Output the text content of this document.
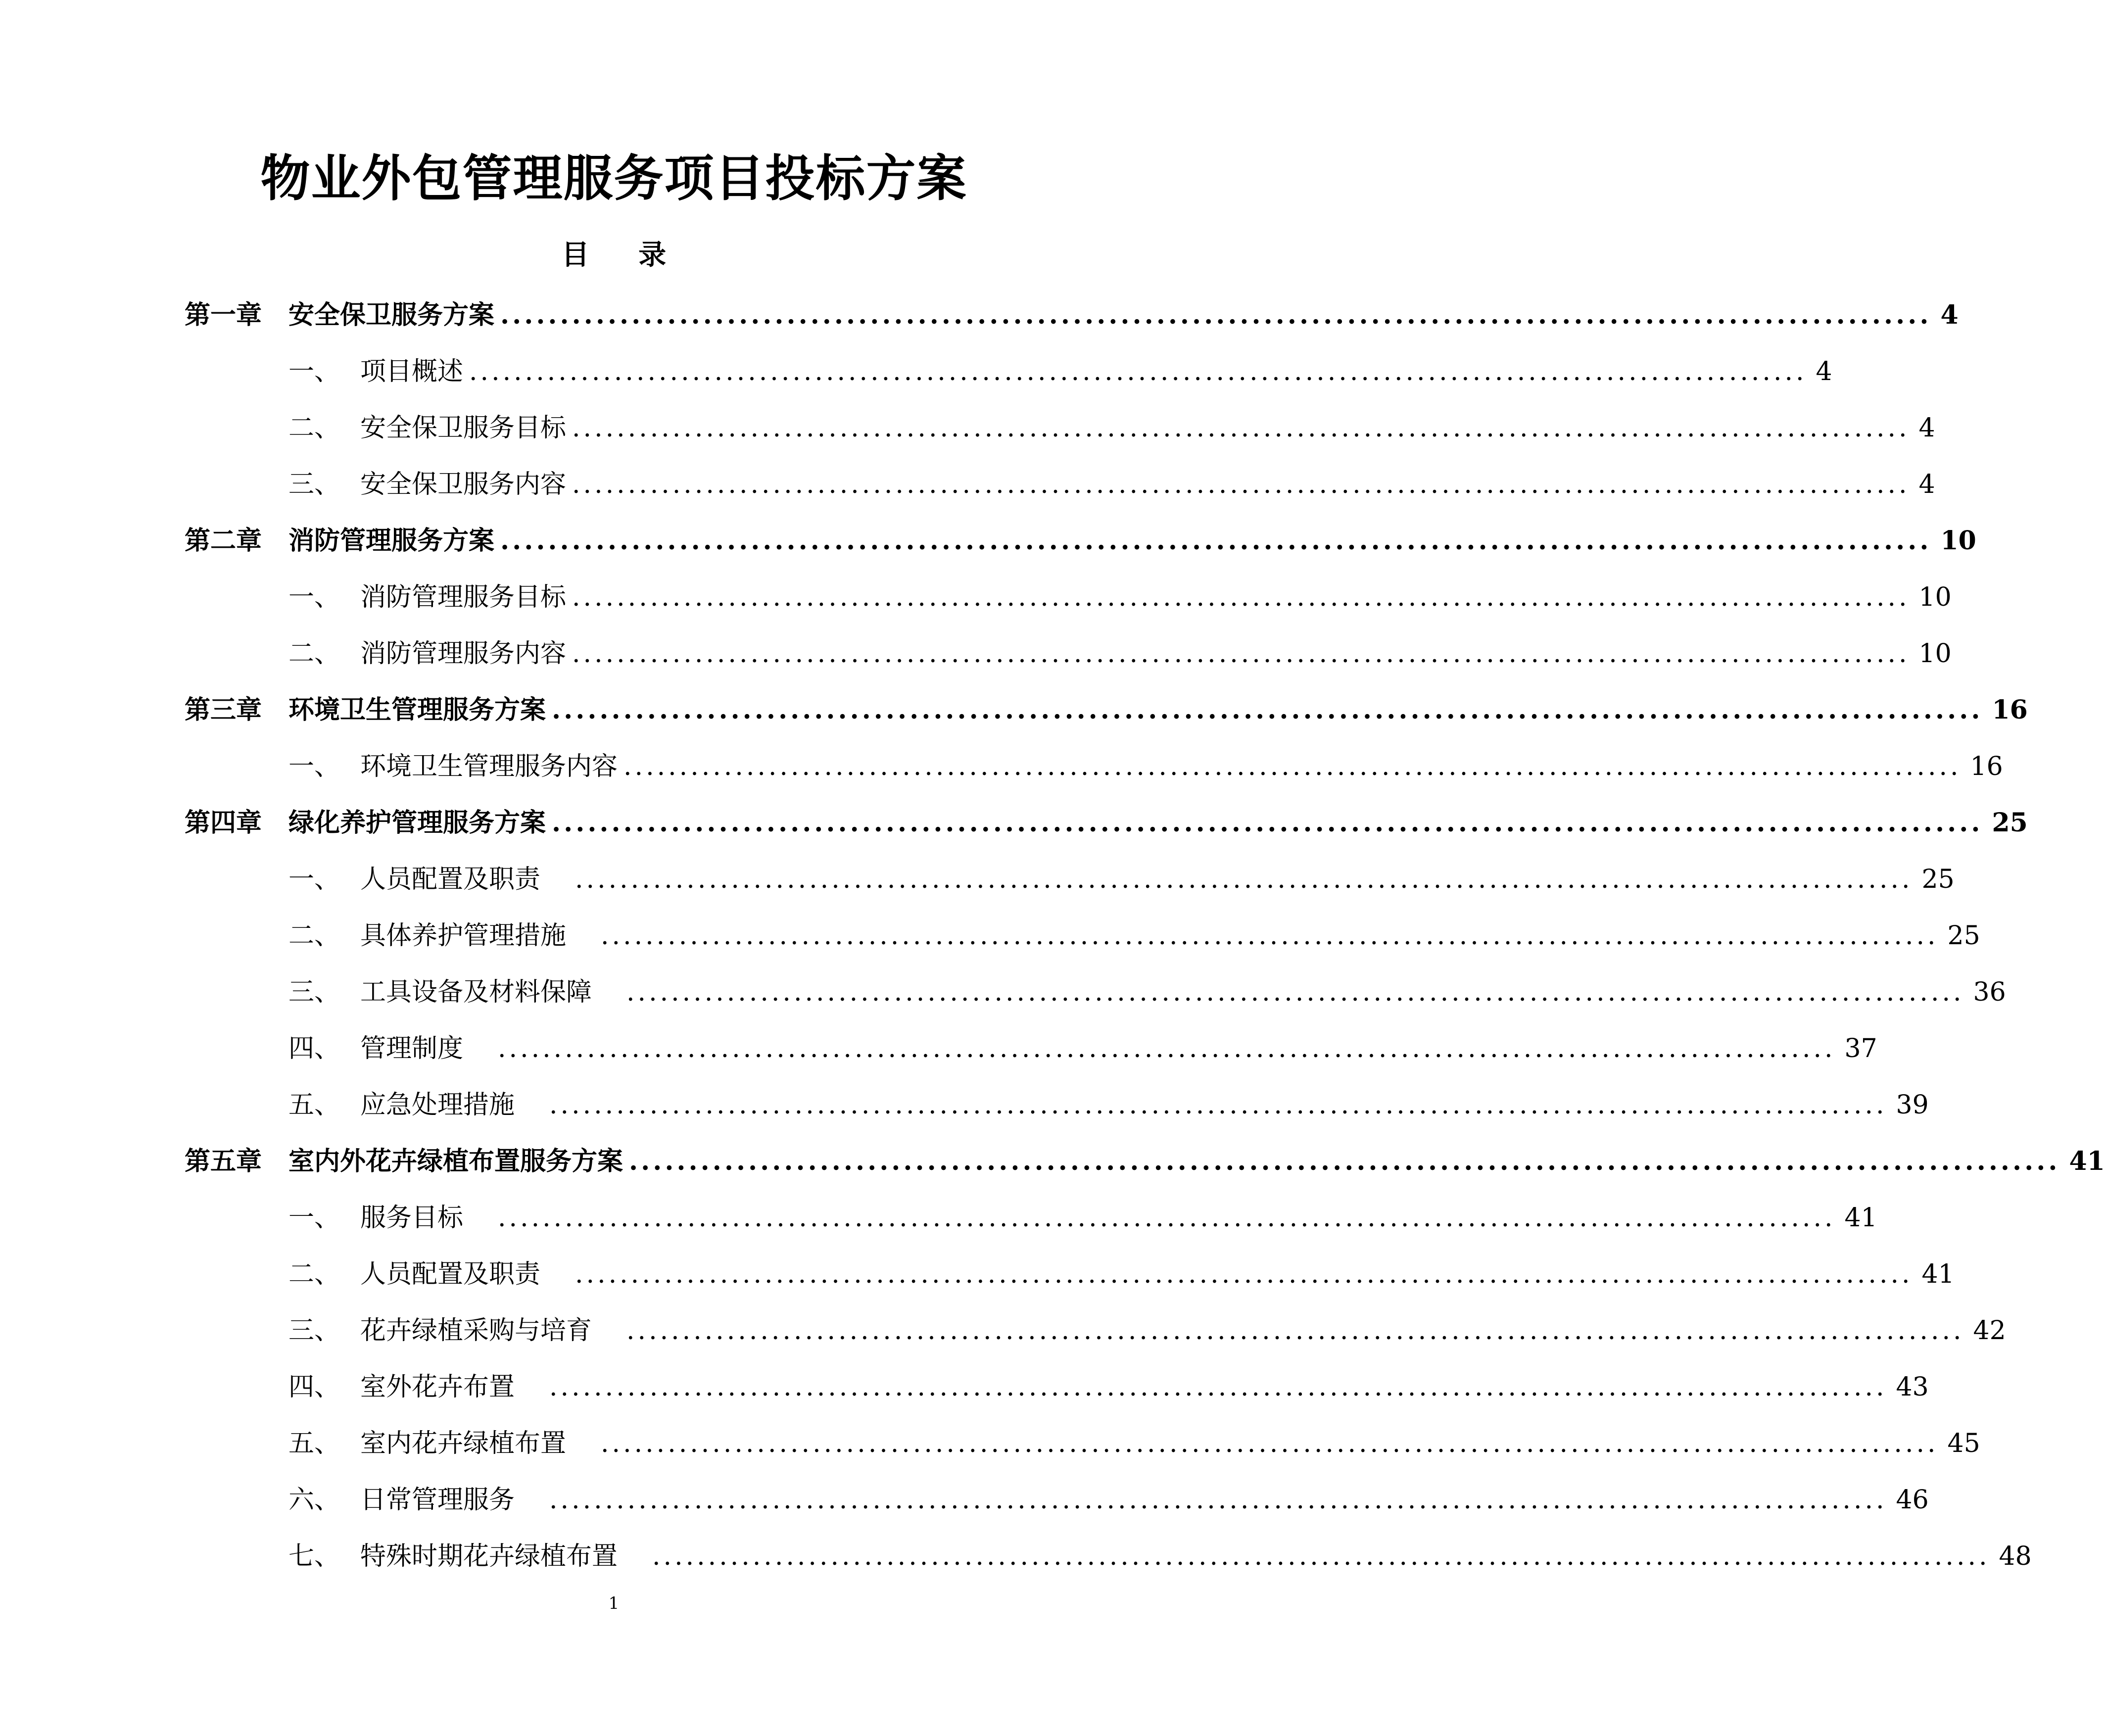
物业外包管理服务项目投标方案
目 录
第一章	安全保卫服务方案 ........................................................................................................................ 4
一、 项目概述 ........................................................................................................................ 4
二、 安全保卫服务目标 ........................................................................................................................ 4
三、 安全保卫服务内容 ........................................................................................................................ 4
第二章	消防管理服务方案 ........................................................................................................................ 10
一、 消防管理服务目标 ........................................................................................................................ 10
二、 消防管理服务内容 ........................................................................................................................ 10
第三章	环境卫生管理服务方案 ........................................................................................................................ 16
一、 环境卫生管理服务内容 ........................................................................................................................ 16
第四章	绿化养护管理服务方案 ........................................................................................................................ 25
一、 人员配置及职责 ........................................................................................................................ 25
二、 具体养护管理措施 ........................................................................................................................ 25
三、 工具设备及材料保障 ........................................................................................................................ 36
四、 管理制度 ........................................................................................................................ 37
五、 应急处理措施 ........................................................................................................................ 39
第五章	室内外花卉绿植布置服务方案 ........................................................................................................................ 41
一、 服务目标 ........................................................................................................................ 41
二、 人员配置及职责 ........................................................................................................................ 41
三、 花卉绿植采购与培育 ........................................................................................................................ 42
四、 室外花卉布置 ........................................................................................................................ 43
五、 室内花卉绿植布置 ........................................................................................................................ 45
六、 日常管理服务 ........................................................................................................................ 46
七、 特殊时期花卉绿植布置 ........................................................................................................................ 48
1
